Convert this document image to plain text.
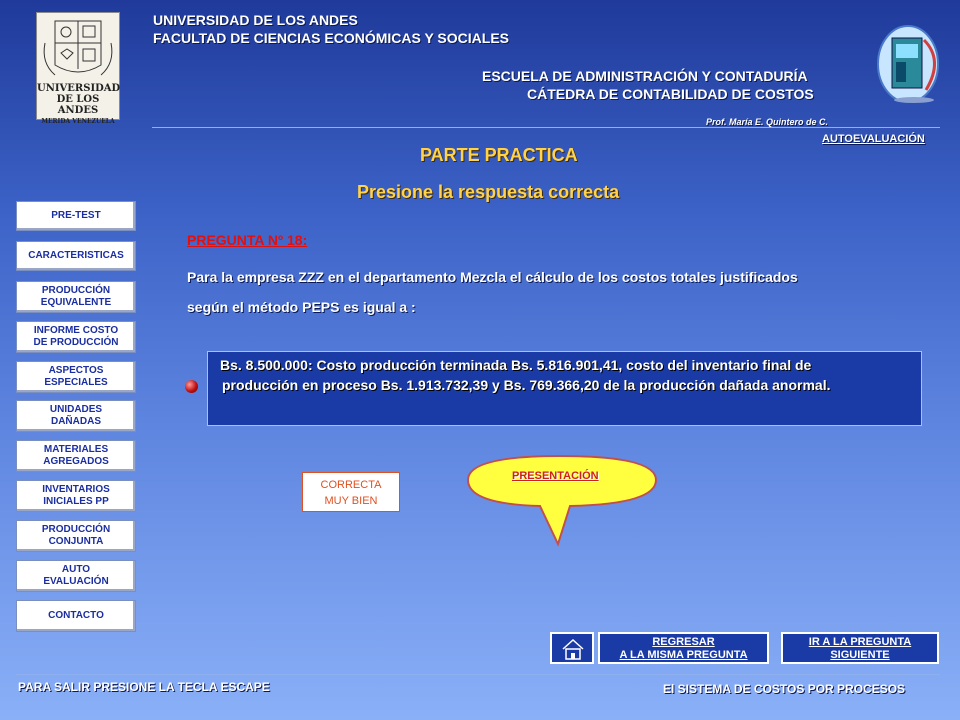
UNIVERSIDAD
DE LOS ANDES
MERIDA VENEZUELA
UNIVERSIDAD DE LOS ANDES
FACULTAD DE CIENCIAS ECONÓMICAS Y SOCIALES
ESCUELA DE ADMINISTRACIÓN Y CONTADURÍA
CÁTEDRA DE CONTABILIDAD DE COSTOS
Prof. María E. Quintero de C.
AUTOEVALUACIÓN
PARTE PRACTICA
Presione la respuesta correcta
PRE-TEST
CARACTERISTICAS
PRODUCCIÓN
EQUIVALENTE
INFORME COSTO
DE PRODUCCIÓN
ASPECTOS
ESPECIALES
UNIDADES
DAÑADAS
MATERIALES
AGREGADOS
INVENTARIOS
INICIALES PP
PRODUCCIÓN
CONJUNTA
AUTO
EVALUACIÓN
CONTACTO
PREGUNTA Nº 18:
Para la empresa ZZZ en el departamento Mezcla el cálculo de los costos totales justificados
según el método PEPS es igual a :
Bs. 8.500.000: Costo producción terminada Bs. 5.816.901,41, costo del inventario final de
producción en proceso Bs. 1.913.732,39 y Bs. 769.366,20 de la producción dañada anormal.
CORRECTA
MUY BIEN
PRESENTACIÓN
REGRESAR
A LA MISMA PREGUNTA
IR A LA PREGUNTA
SIGUIENTE
PARA SALIR PRESIONE LA TECLA ESCAPE	El SISTEMA DE COSTOS POR PROCESOS
